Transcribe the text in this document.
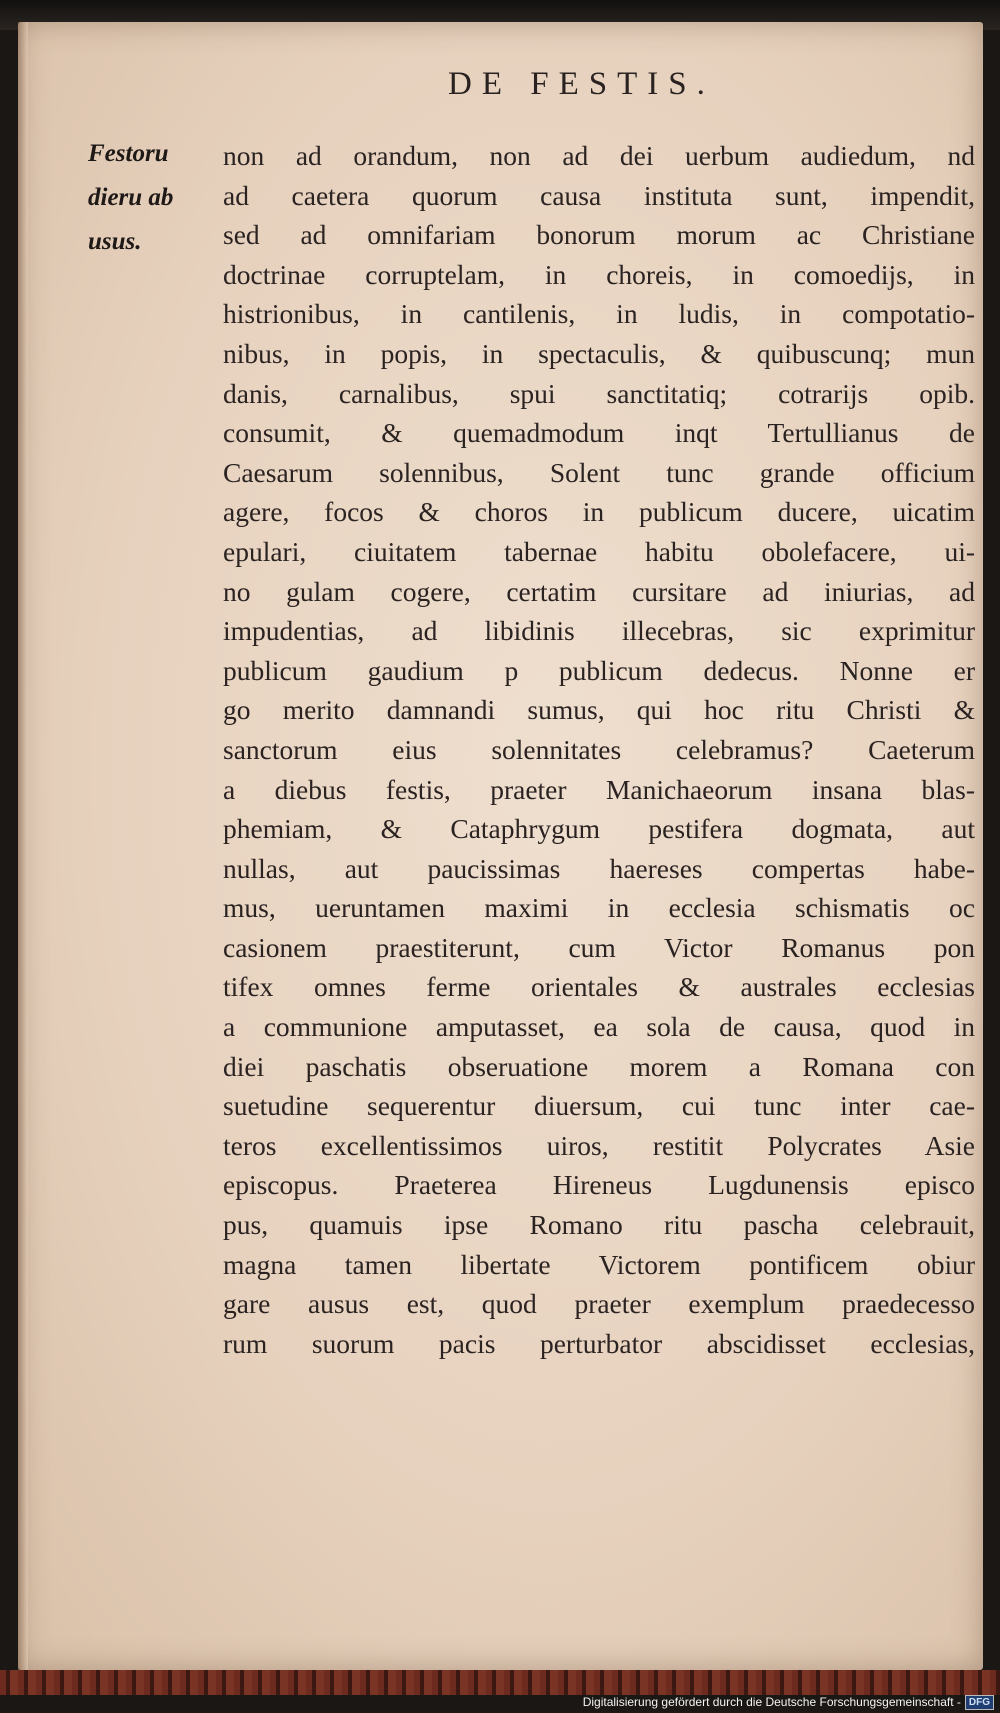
DE FESTIS.
Festoru
dieru ab
usus.
non ad orandum, non ad dei uerbum audiedum, nd
ad caetera quorum causa instituta sunt, impendit,
sed ad omnifariam bonorum morum ac Christiane
doctrinae corruptelam, in choreis, in comoedijs, in
histrionibus, in cantilenis, in ludis, in compotatio-
nibus, in popis, in spectaculis, & quibuscunq; mun
danis, carnalibus, spui sanctitatiq; cotrarijs opib.
consumit, & quemadmodum inqt Tertullianus de
Caesarum solennibus, Solent tunc grande officium
agere, focos & choros in publicum ducere, uicatim
epulari, ciuitatem tabernae habitu obolefacere, ui-
no gulam cogere, certatim cursitare ad iniurias, ad
impudentias, ad libidinis illecebras, sic exprimitur
publicum gaudium p publicum dedecus. Nonne er
go merito damnandi sumus, qui hoc ritu Christi &
sanctorum eius solennitates celebramus? Caeterum
a diebus festis, praeter Manichaeorum insana blas-
phemiam, & Cataphrygum pestifera dogmata, aut
nullas, aut paucissimas haereses compertas habe-
mus, ueruntamen maximi in ecclesia schismatis oc
casionem praestiterunt, cum Victor Romanus pon
tifex omnes ferme orientales & australes ecclesias
a communione amputasset, ea sola de causa, quod in
diei paschatis obseruatione morem a Romana con
suetudine sequerentur diuersum, cui tunc inter cae-
teros excellentissimos uiros, restitit Polycrates Asie
episcopus. Praeterea Hireneus Lugdunensis episco
pus, quamuis ipse Romano ritu pascha celebrauit,
magna tamen libertate Victorem pontificem obiur
gare ausus est, quod praeter exemplum praedecesso
rum suorum pacis perturbator abscidisset ecclesias,
Digitalisierung gefördert durch die Deutsche Forschungsgemeinschaft - DFG
